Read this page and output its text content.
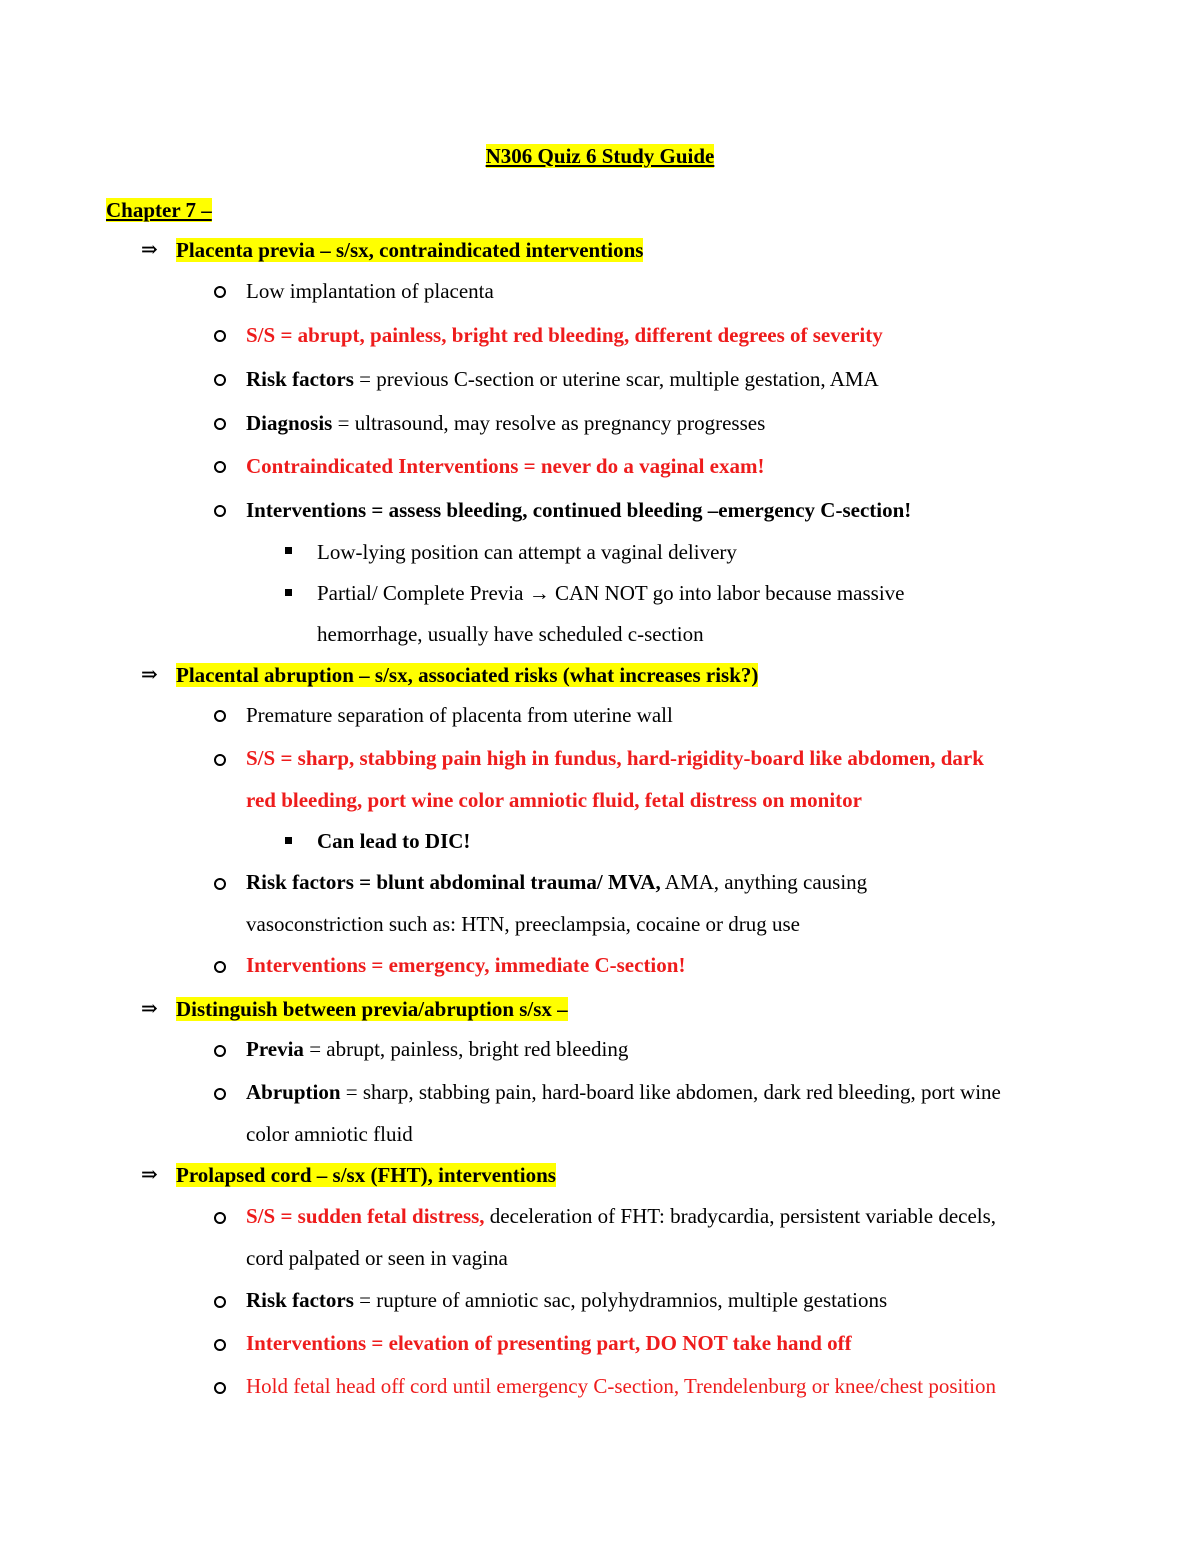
N306 Quiz 6 Study Guide
Chapter 7 –
⇒ Placenta previa – s/sx, contraindicated interventions
Low implantation of placenta
S/S = abrupt, painless, bright red bleeding, different degrees of severity
Risk factors = previous C-section or uterine scar, multiple gestation, AMA
Diagnosis = ultrasound, may resolve as pregnancy progresses
Contraindicated Interventions = never do a vaginal exam!
Interventions = assess bleeding, continued bleeding –emergency C-section!
Low-lying position can attempt a vaginal delivery
Partial/ Complete Previa → CAN NOT go into labor because massive
hemorrhage, usually have scheduled c-section
⇒ Placental abruption – s/sx, associated risks (what increases risk?)
Premature separation of placenta from uterine wall
S/S = sharp, stabbing pain high in fundus, hard-rigidity-board like abdomen, dark
red bleeding, port wine color amniotic fluid, fetal distress on monitor
Can lead to DIC!
Risk factors = blunt abdominal trauma/ MVA, AMA, anything causing
vasoconstriction such as: HTN, preeclampsia, cocaine or drug use
Interventions = emergency, immediate C-section!
⇒ Distinguish between previa/abruption s/sx –
Previa = abrupt, painless, bright red bleeding
Abruption = sharp, stabbing pain, hard-board like abdomen, dark red bleeding, port wine
color amniotic fluid
⇒ Prolapsed cord – s/sx (FHT), interventions
S/S = sudden fetal distress, deceleration of FHT: bradycardia, persistent variable decels,
cord palpated or seen in vagina
Risk factors = rupture of amniotic sac, polyhydramnios, multiple gestations
Interventions = elevation of presenting part, DO NOT take hand off
Hold fetal head off cord until emergency C-section, Trendelenburg or knee/chest position
